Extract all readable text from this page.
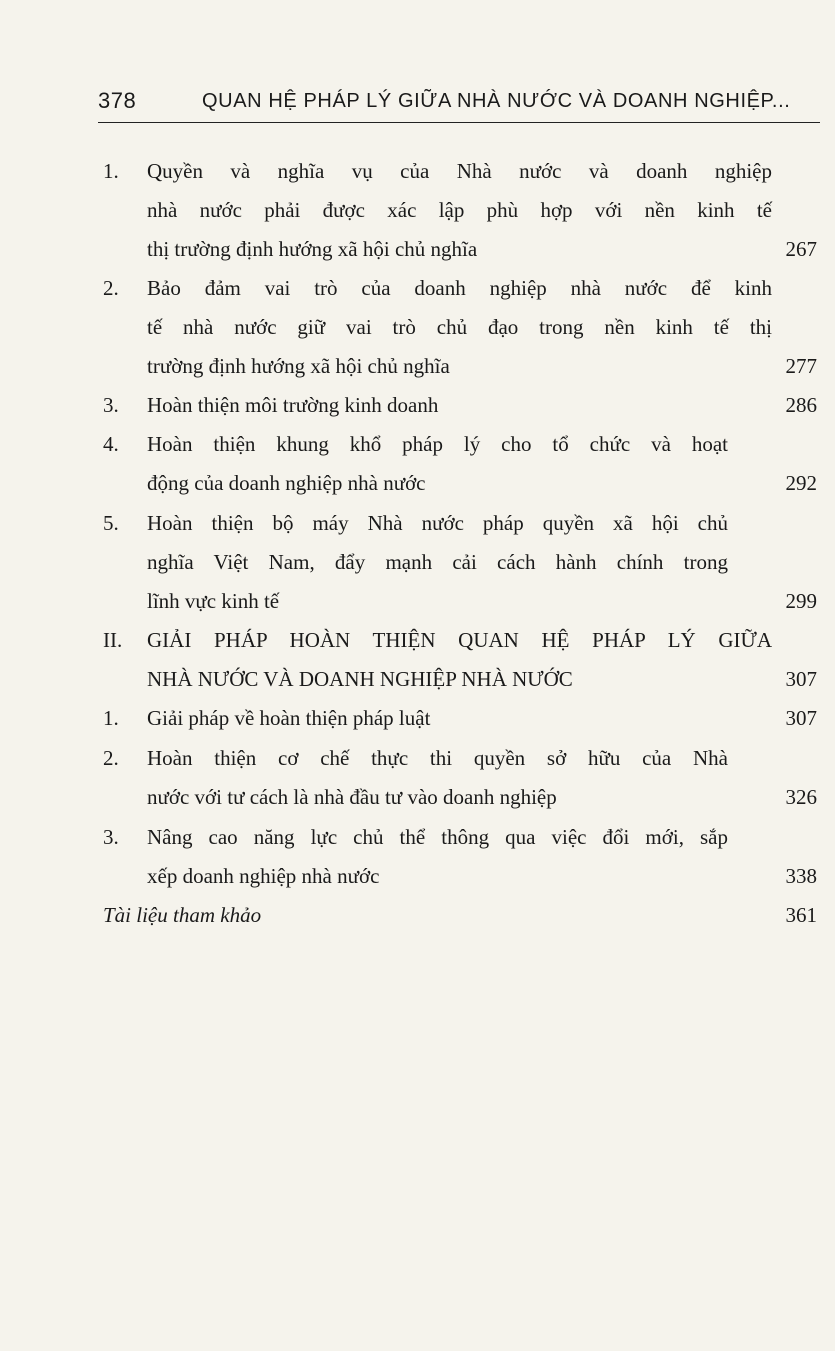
378	QUAN HỆ PHÁP LÝ GIỮA NHÀ NƯỚC VÀ DOANH NGHIỆP...
1. Quyền và nghĩa vụ của Nhà nước và doanh nghiệp
nhà nước phải được xác lập phù hợp với nền kinh tế
thị trường định hướng xã hội chủ nghĩa	267
2. Bảo đảm vai trò của doanh nghiệp nhà nước để kinh
tế nhà nước giữ vai trò chủ đạo trong nền kinh tế thị
trường định hướng xã hội chủ nghĩa	277
3. Hoàn thiện môi trường kinh doanh	286
4. Hoàn thiện khung khổ pháp lý cho tổ chức và hoạt
động của doanh nghiệp nhà nước	292
5. Hoàn thiện bộ máy Nhà nước pháp quyền xã hội chủ
nghĩa Việt Nam, đẩy mạnh cải cách hành chính trong
lĩnh vực kinh tế	299
II. GIẢI PHÁP HOÀN THIỆN QUAN HỆ PHÁP LÝ GIỮA
NHÀ NƯỚC VÀ DOANH NGHIỆP NHÀ NƯỚC	307
1. Giải pháp về hoàn thiện pháp luật	307
2. Hoàn thiện cơ chế thực thi quyền sở hữu của Nhà
nước với tư cách là nhà đầu tư vào doanh nghiệp	326
3. Nâng cao năng lực chủ thể thông qua việc đổi mới, sắp
xếp doanh nghiệp nhà nước	338
Tài liệu tham khảo	361
